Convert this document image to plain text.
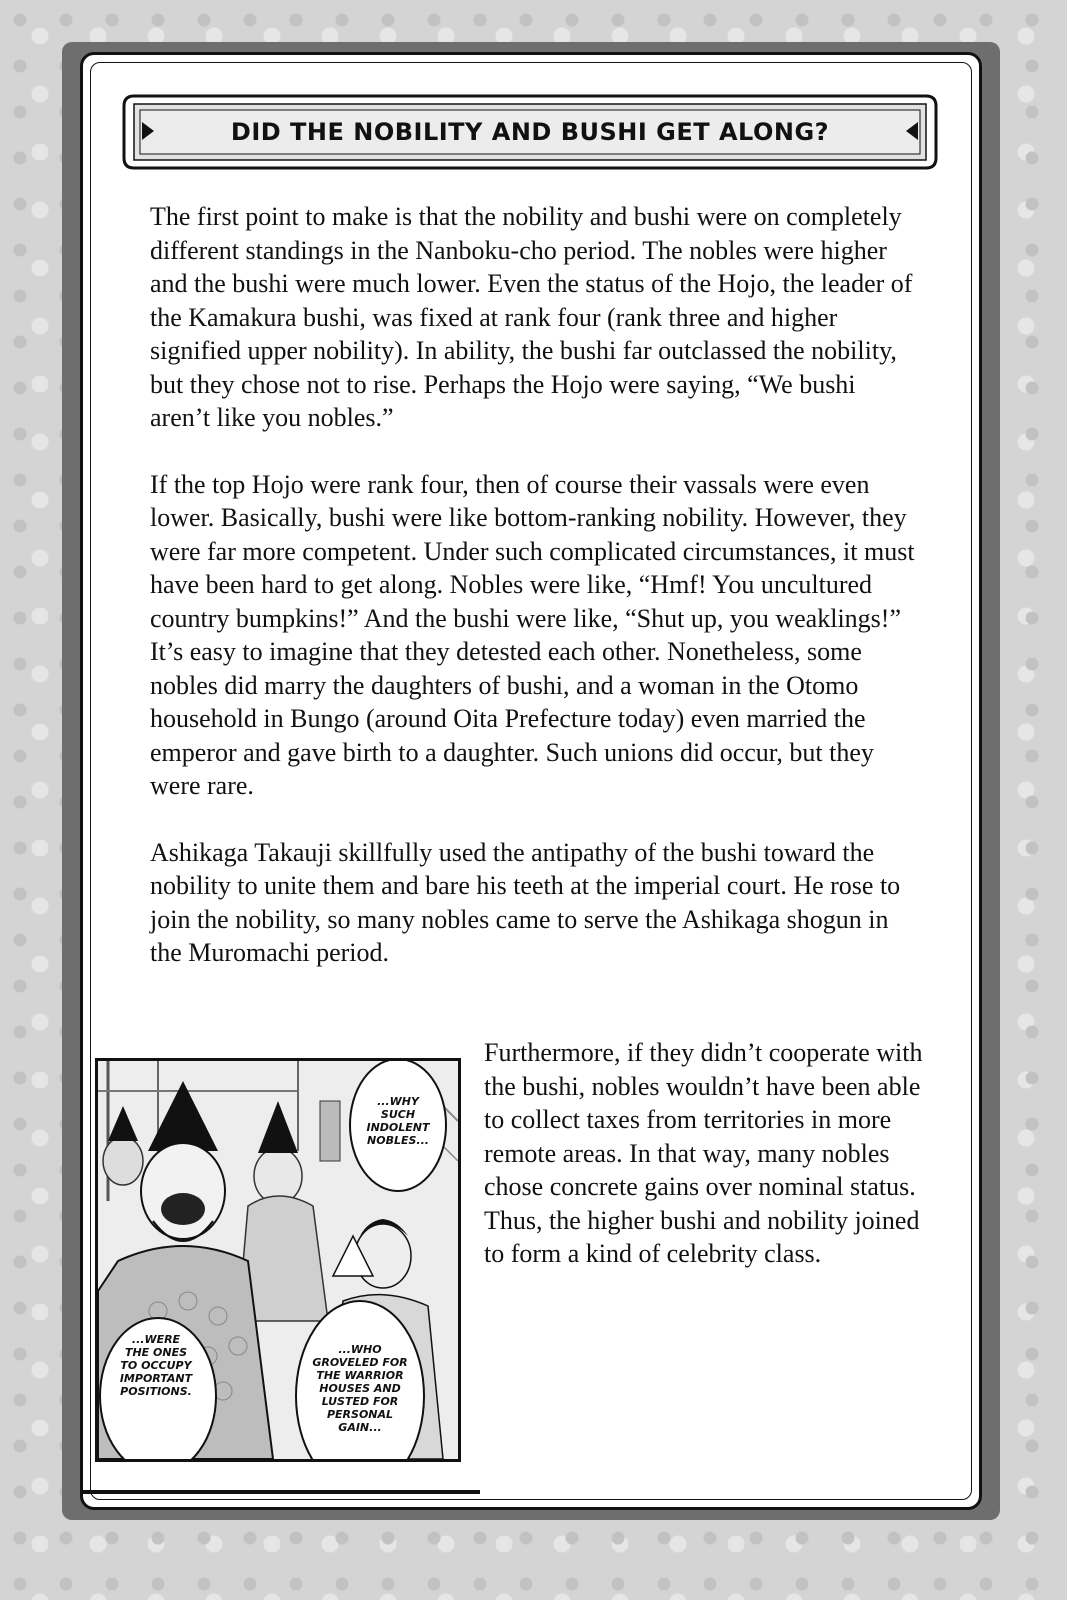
DID THE NOBILITY AND BUSHI GET ALONG?

The first point to make is that the nobility and bushi were on completely different standings in the Nanboku-cho period. The nobles were higher and the bushi were much lower. Even the status of the Hojo, the leader of the Kamakura bushi, was fixed at rank four (rank three and higher signified upper nobility). In ability, the bushi far outclassed the nobility, but they chose not to rise. Perhaps the Hojo were saying, “We bushi aren’t like you nobles.”

If the top Hojo were rank four, then of course their vassals were even lower. Basically, bushi were like bottom-ranking nobility. However, they were far more competent. Under such complicated circumstances, it must have been hard to get along. Nobles were like, “Hmf! You uncultured country bumpkins!” And the bushi were like, “Shut up, you weaklings!” It’s easy to imagine that they detested each other. Nonetheless, some nobles did marry the daughters of bushi, and a woman in the Otomo household in Bungo (around Oita Prefecture today) even married the emperor and gave birth to a daughter. Such unions did occur, but they were rare.

Ashikaga Takauji skillfully used the antipathy of the bushi toward the nobility to unite them and bare his teeth at the imperial court. He rose to join the nobility, so many nobles came to serve the Ashikaga shogun in the Muromachi period.

Furthermore, if they didn’t cooperate with the bushi, nobles wouldn’t have been able to collect taxes from territories in more remote areas. In that way, many nobles chose concrete gains over nominal status. Thus, the higher bushi and nobility joined to form a kind of celebrity class.

...WHY
SUCH
INDOLENT
NOBLES...
...WERE
THE ONES
TO OCCUPY
IMPORTANT
POSITIONS.
...WHO
GROVELED FOR
THE WARRIOR
HOUSES AND
LUSTED FOR
PERSONAL
GAIN...
